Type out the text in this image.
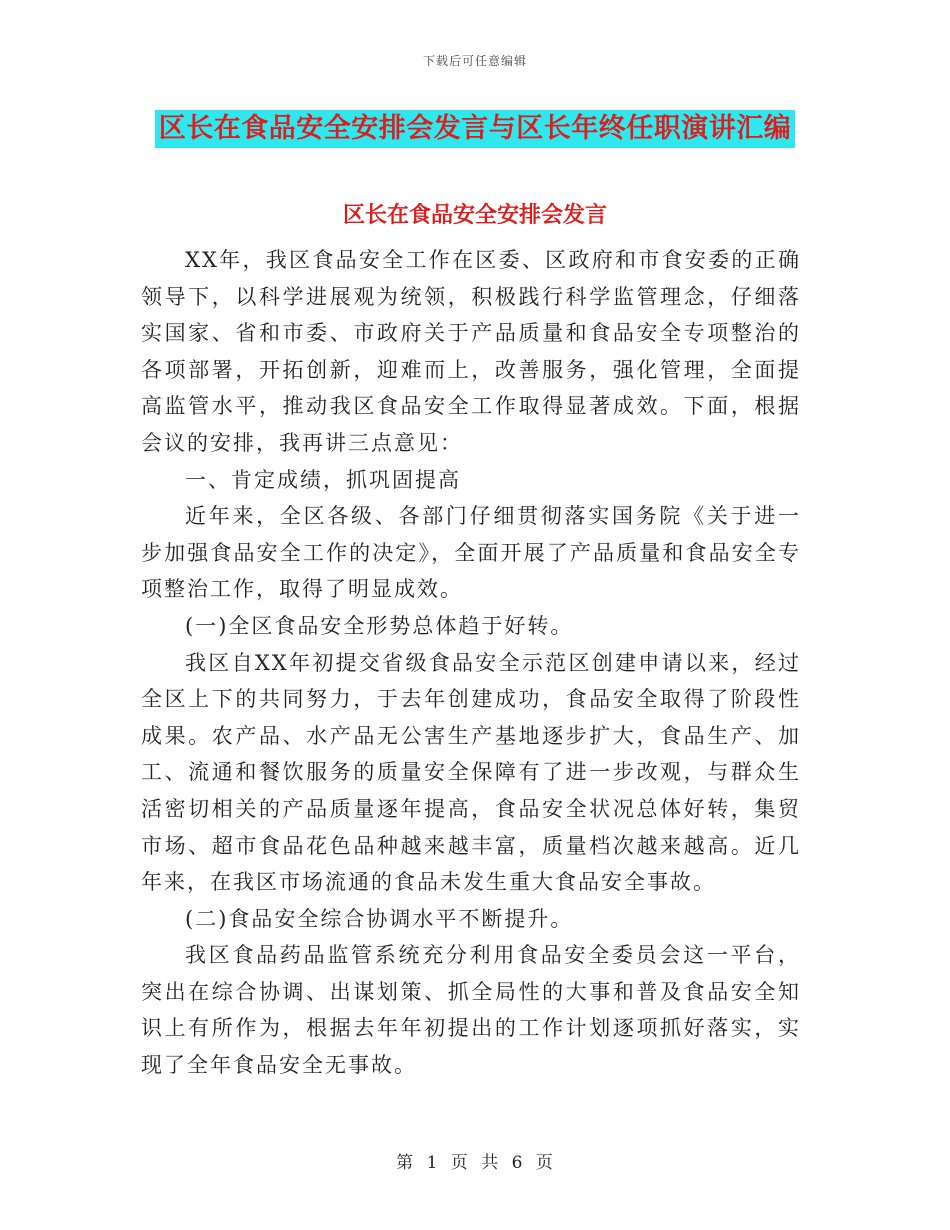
下载后可任意编辑
区长在食品安全安排会发言与区长年终任职演讲汇编
区长在食品安全安排会发言

XX年，我区食品安全工作在区委、区政府和市食安委的正确领导下，以科学进展观为统领，积极践行科学监管理念，仔细落实国家、省和市委、市政府关于产品质量和食品安全专项整治的各项部署，开拓创新，迎难而上，改善服务，强化管理，全面提高监管水平，推动我区食品安全工作取得显著成效。下面，根据会议的安排，我再讲三点意见：

一、肯定成绩，抓巩固提高

近年来，全区各级、各部门仔细贯彻落实国务院《关于进一步加强食品安全工作的决定》，全面开展了产品质量和食品安全专项整治工作，取得了明显成效。

(一)全区食品安全形势总体趋于好转。

我区自XX年初提交省级食品安全示范区创建申请以来，经过全区上下的共同努力，于去年创建成功，食品安全取得了阶段性成果。农产品、水产品无公害生产基地逐步扩大，食品生产、加工、流通和餐饮服务的质量安全保障有了进一步改观，与群众生活密切相关的产品质量逐年提高，食品安全状况总体好转，集贸市场、超市食品花色品种越来越丰富，质量档次越来越高。近几年来，在我区市场流通的食品未发生重大食品安全事故。

(二)食品安全综合协调水平不断提升。

我区食品药品监管系统充分利用食品安全委员会这一平台，突出在综合协调、出谋划策、抓全局性的大事和普及食品安全知识上有所作为，根据去年年初提出的工作计划逐项抓好落实，实现了全年食品安全无事故。

第 1 页 共 6 页
